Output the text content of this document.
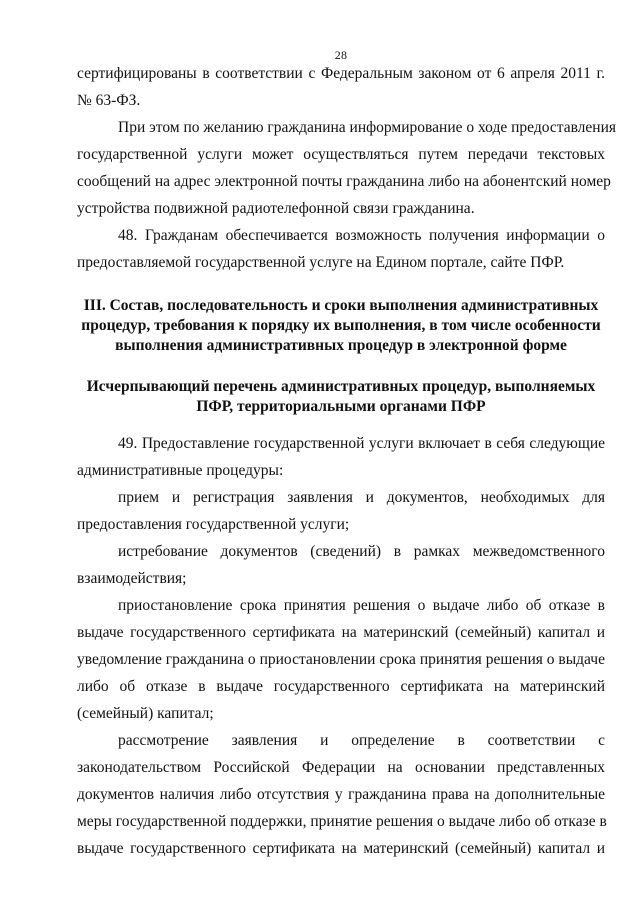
28
сертифицированы в соответствии с Федеральным законом от 6 апреля 2011 г.
№ 63-ФЗ.
При этом по желанию гражданина информирование о ходе предоставления
государственной услуги может осуществляться путем передачи текстовых
сообщений на адрес электронной почты гражданина либо на абонентский номер
устройства подвижной радиотелефонной связи гражданина.
48. Гражданам обеспечивается возможность получения информации о
предоставляемой государственной услуге на Едином портале, сайте ПФР.
III. Состав, последовательность и сроки выполнения административных
процедур, требования к порядку их выполнения, в том числе особенности
выполнения административных процедур в электронной форме
Исчерпывающий перечень административных процедур, выполняемых
ПФР, территориальными органами ПФР
49. Предоставление государственной услуги включает в себя следующие
административные процедуры:
прием и регистрация заявления и документов, необходимых для
предоставления государственной услуги;
истребование документов (сведений) в рамках межведомственного
взаимодействия;
приостановление срока принятия решения о выдаче либо об отказе в
выдаче государственного сертификата на материнский (семейный) капитал и
уведомление гражданина о приостановлении срока принятия решения о выдаче
либо об отказе в выдаче государственного сертификата на материнский
(семейный) капитал;
рассмотрение заявления и определение в соответствии с
законодательством Российской Федерации на основании представленных
документов наличия либо отсутствия у гражданина права на дополнительные
меры государственной поддержки, принятие решения о выдаче либо об отказе в
выдаче государственного сертификата на материнский (семейный) капитал и
